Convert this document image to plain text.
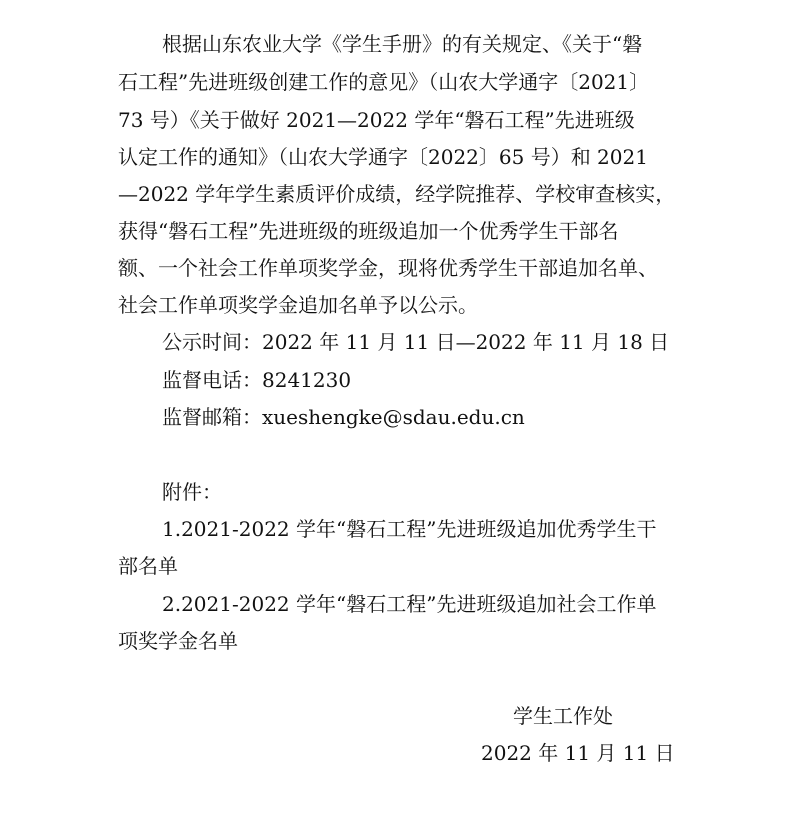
根据山东农业大学《学生手册》的有关规定、《关于“磐
石工程”先进班级创建工作的意见》（山农大学通字〔2021〕
73 号）《关于做好 2021—2022 学年“磐石工程”先进班级
认定工作的通知》（山农大学通字〔2022〕65 号）和 2021
—2022 学年学生素质评价成绩，经学院推荐、学校审查核实，
获得“磐石工程”先进班级的班级追加一个优秀学生干部名
额、一个社会工作单项奖学金，现将优秀学生干部追加名单、
社会工作单项奖学金追加名单予以公示。
公示时间：2022 年 11 月 11 日—2022 年 11 月 18 日
监督电话：8241230
监督邮箱：xueshengke@sdau.edu.cn
附件：
1.2021-2022 学年“磐石工程”先进班级追加优秀学生干
部名单
2.2021-2022 学年“磐石工程”先进班级追加社会工作单
项奖学金名单
学生工作处
2022 年 11 月 11 日
